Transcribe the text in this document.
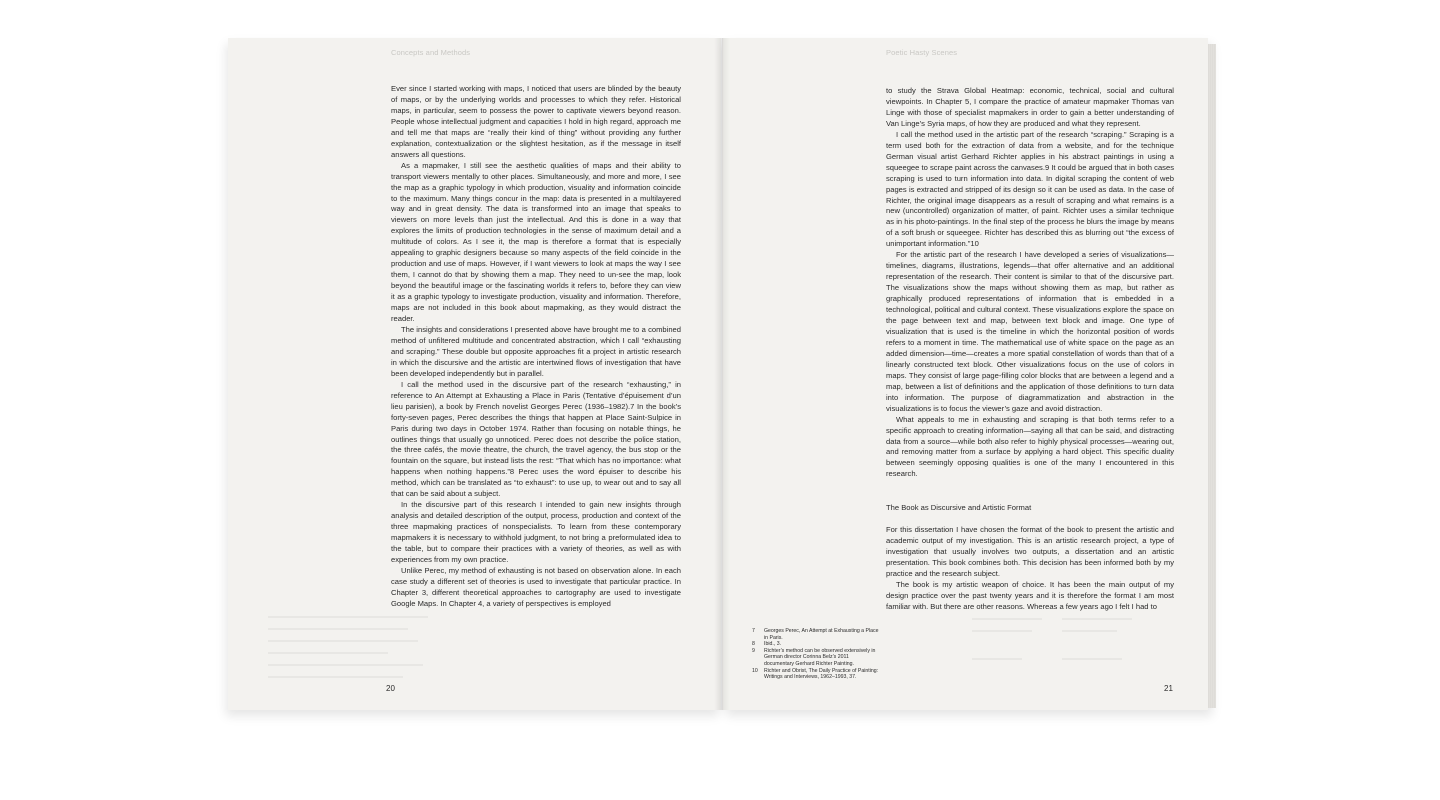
Concepts and Methods

Ever since I started working with maps, I noticed that users are blinded by the beauty of maps, or by the underlying worlds and processes to which they refer. Historical maps, in particular, seem to possess the power to captivate viewers beyond reason. People whose intellectual judgment and capacities I hold in high regard, approach me and tell me that maps are “really their kind of thing” without providing any further explanation, contextualization or the slightest hesitation, as if the message in itself answers all questions.

As a mapmaker, I still see the aesthetic qualities of maps and their ability to transport viewers mentally to other places. Simultaneously, and more and more, I see the map as a graphic typology in which production, visuality and information coincide to the maximum. Many things concur in the map: data is presented in a multilayered way and in great density. The data is transformed into an image that speaks to viewers on more levels than just the intellectual. And this is done in a way that explores the limits of production technologies in the sense of maximum detail and a multitude of colors. As I see it, the map is therefore a format that is especially appealing to graphic designers because so many aspects of the field coincide in the production and use of maps. However, if I want viewers to look at maps the way I see them, I cannot do that by showing them a map. They need to un-see the map, look beyond the beautiful image or the fascinating worlds it refers to, before they can view it as a graphic typology to investigate production, visuality and information. Therefore, maps are not included in this book about mapmaking, as they would distract the reader.

The insights and considerations I presented above have brought me to a combined method of unfiltered multitude and concentrated abstraction, which I call “exhausting and scraping.” These double but opposite approaches fit a project in artistic research in which the discursive and the artistic are intertwined flows of investigation that have been developed independently but in parallel.

I call the method used in the discursive part of the research “exhausting,” in reference to An Attempt at Exhausting a Place in Paris (Tentative d’épuisement d’un lieu parisien), a book by French novelist Georges Perec (1936–1982).7 In the book’s forty-seven pages, Perec describes the things that happen at Place Saint-Sulpice in Paris during two days in October 1974. Rather than focusing on notable things, he outlines things that usually go unnoticed. Perec does not describe the police station, the three cafés, the movie theatre, the church, the travel agency, the bus stop or the fountain on the square, but instead lists the rest: “That which has no importance: what happens when nothing happens.”8 Perec uses the word épuiser to describe his method, which can be translated as “to exhaust”: to use up, to wear out and to say all that can be said about a subject.

In the discursive part of this research I intended to gain new insights through analysis and detailed description of the output, process, production and context of the three mapmaking practices of nonspecialists. To learn from these contemporary mapmakers it is necessary to withhold judgment, to not bring a preformulated idea to the table, but to compare their practices with a variety of theories, as well as with experiences from my own practice.

Unlike Perec, my method of exhausting is not based on observation alone. In each case study a different set of theories is used to investigate that particular practice. In Chapter 3, different theoretical approaches to cartography are used to investigate Google Maps. In Chapter 4, a variety of perspectives is employed

20
Poetic Hasty Scenes

to study the Strava Global Heatmap: economic, technical, social and cultural viewpoints. In Chapter 5, I compare the practice of amateur mapmaker Thomas van Linge with those of specialist mapmakers in order to gain a better understanding of Van Linge’s Syria maps, of how they are produced and what they represent.

I call the method used in the artistic part of the research “scraping.” Scraping is a term used both for the extraction of data from a website, and for the technique German visual artist Gerhard Richter applies in his abstract paintings in using a squeegee to scrape paint across the canvases.9 It could be argued that in both cases scraping is used to turn information into data. In digital scraping the content of web pages is extracted and stripped of its design so it can be used as data. In the case of Richter, the original image disappears as a result of scraping and what remains is a new (uncontrolled) organization of matter, of paint. Richter uses a similar technique as in his photo-paintings. In the final step of the process he blurs the image by means of a soft brush or squeegee. Richter has described this as blurring out “the excess of unimportant information.”10

For the artistic part of the research I have developed a series of visualizations—timelines, diagrams, illustrations, legends—that offer alternative and an additional representation of the research. Their content is similar to that of the discursive part. The visualizations show the maps without showing them as map, but rather as graphically produced representations of information that is embedded in a technological, political and cultural context. These visualizations explore the space on the page between text and map, between text block and image. One type of visualization that is used is the timeline in which the horizontal position of words refers to a moment in time. The mathematical use of white space on the page as an added dimension—time—creates a more spatial constellation of words than that of a linearly constructed text block. Other visualizations focus on the use of colors in maps. They consist of large page-filling color blocks that are between a legend and a map, between a list of definitions and the application of those definitions to turn data into information. The purpose of diagrammatization and abstraction in the visualizations is to focus the viewer’s gaze and avoid distraction.

What appeals to me in exhausting and scraping is that both terms refer to a specific approach to creating information—saying all that can be said, and distracting data from a source—while both also refer to highly physical processes—wearing out, and removing matter from a surface by applying a hard object. This specific duality between seemingly opposing qualities is one of the many I encountered in this research.

The Book as Discursive and Artistic Format

For this dissertation I have chosen the format of the book to present the artistic and academic output of my investigation. This is an artistic research project, a type of investigation that usually involves two outputs, a dissertation and an artistic presentation. This book combines both. This decision has been informed both by my practice and the research subject.

The book is my artistic weapon of choice. It has been the main output of my design practice over the past twenty years and it is therefore the format I am most familiar with. But there are other reasons. Whereas a few years ago I felt I had to

7	Georges Perec, An Attempt at Exhausting a Place in Paris.
8	Ibid., 3.
9	Richter’s method can be observed extensively in German director Corinna Belz’s 2011 documentary Gerhard Richter Painting.
10	Richter and Obrist, The Daily Practice of Painting: Writings and Interviews, 1962–1993, 37.
21
